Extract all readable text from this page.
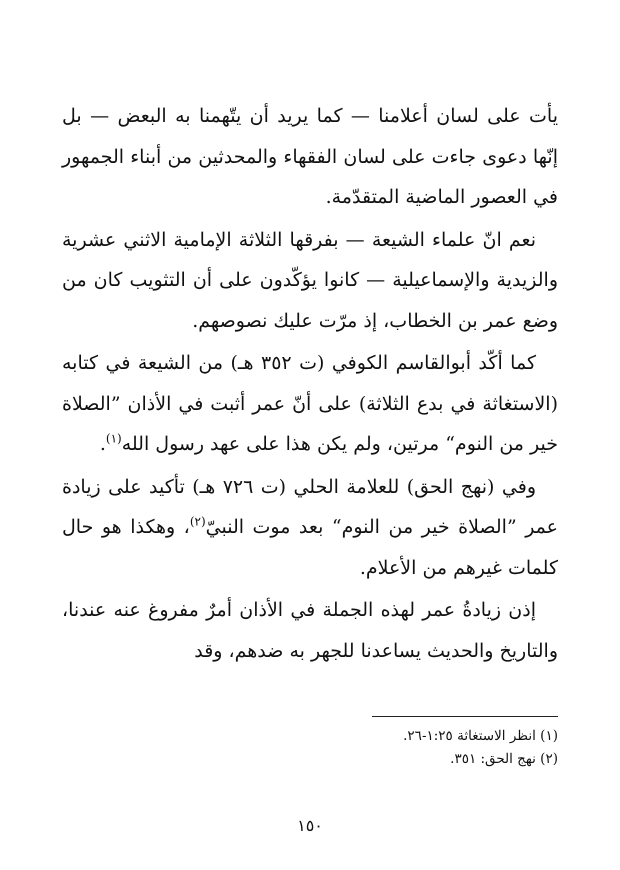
يأت على لسان أعلامنا — كما يريد أن يتّهمنا به البعض — بل إنّها دعوى جاءت على لسان الفقهاء والمحدثين من أبناء الجمهور في العصور الماضية المتقدّمة.

نعم انّ علماء الشيعة — بفرقها الثلاثة الإمامية الاثني عشرية والزيدية والإسماعيلية — كانوا يؤكّدون على أن التثويب كان من وضع عمر بن الخطاب، إذ مرّت عليك نصوصهم.

كما أكّد أبوالقاسم الكوفي (ت ٣٥٢ هـ) من الشيعة في كتابه (الاستغاثة في بدع الثلاثة) على أنّ عمر أثبت في الأذان ”الصلاة خير من النوم“ مرتين، ولم يكن هذا على عهد رسول الله$^{(١)}$.

وفي (نهج الحق) للعلامة الحلي (ت ٧٢٦ هـ) تأكيد على زيادة عمر ”الصلاة خير من النوم“ بعد موت النبيّ$^{(٢)}$، وهكذا هو حال كلمات غيرهم من الأعلام.

إذن زيادةُ عمر لهذه الجملة في الأذان أمرٌ مفروغ عنه عندنا، والتاريخ والحديث يساعدنا للجهر به ضدهم، وقد

(١) انظر الاستغاثة ١:٢٥-٢٦.
(٢) نهج الحق: ٣٥١.
١٥٠
